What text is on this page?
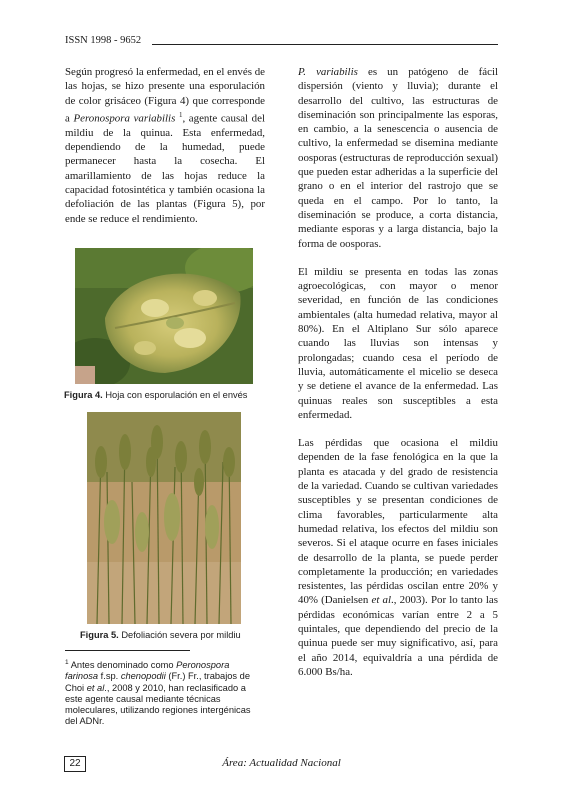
ISSN 1998 - 9652

Según progresó la enfermedad, en el envés de las hojas, se hizo presente una esporulación de color grisáceo (Figura 4) que corresponde a Peronospora variabilis $^1$, agente causal del mildiu de la quinua. Esta enfermedad, dependiendo de la humedad, puede permanecer hasta la cosecha. El amarillamiento de las hojas reduce la capacidad fotosintética y también ocasiona la defoliación de las plantas (Figura 5), por ende se reduce el rendimiento.

Figura 4. Hoja con esporulación en el envés
Figura 5. Defoliación severa por mildiu
$^1$ Antes denominado como Peronospora farinosa f.sp. chenopodii (Fr.) Fr., trabajos de Choi et al., 2008 y 2010, han reclasificado a este agente causal mediante técnicas moleculares, utilizando regiones intergénicas del ADNr.

P. variabilis es un patógeno de fácil dispersión (viento y lluvia); durante el desarrollo del cultivo, las estructuras de diseminación son principalmente las esporas, en cambio, a la senescencia o ausencia de cultivo, la enfermedad se disemina mediante oosporas (estructuras de reproducción sexual) que pueden estar adheridas a la superficie del grano o en el interior del rastrojo que se queda en el campo. Por lo tanto, la diseminación se produce, a corta distancia, mediante esporas y a larga distancia, bajo la forma de oosporas.

El mildiu se presenta en todas las zonas agroecológicas, con mayor o menor severidad, en función de las condiciones ambientales (alta humedad relativa, mayor al 80%). En el Altiplano Sur sólo aparece cuando las lluvias son intensas y prolongadas; cuando cesa el período de lluvia, automáticamente el micelio se deseca y se detiene el avance de la enfermedad. Las quinuas reales son susceptibles a esta enfermedad.

Las pérdidas que ocasiona el mildiu dependen de la fase fenológica en la que la planta es atacada y del grado de resistencia de la variedad. Cuando se cultivan variedades susceptibles y se presentan condiciones de clima favorables, particularmente alta humedad relativa, los efectos del mildiu son severos. Si el ataque ocurre en fases iniciales de desarrollo de la planta, se puede perder completamente la producción; en variedades resistentes, las pérdidas oscilan entre 20% y 40% (Danielsen et al., 2003). Por lo tanto las pérdidas económicas varían entre 2 a 5 quintales, que dependiendo del precio de la quinua puede ser muy significativo, así, para el año 2014, equivaldría a una pérdida de 6.000 Bs/ha.

22	Área: Actualidad Nacional
